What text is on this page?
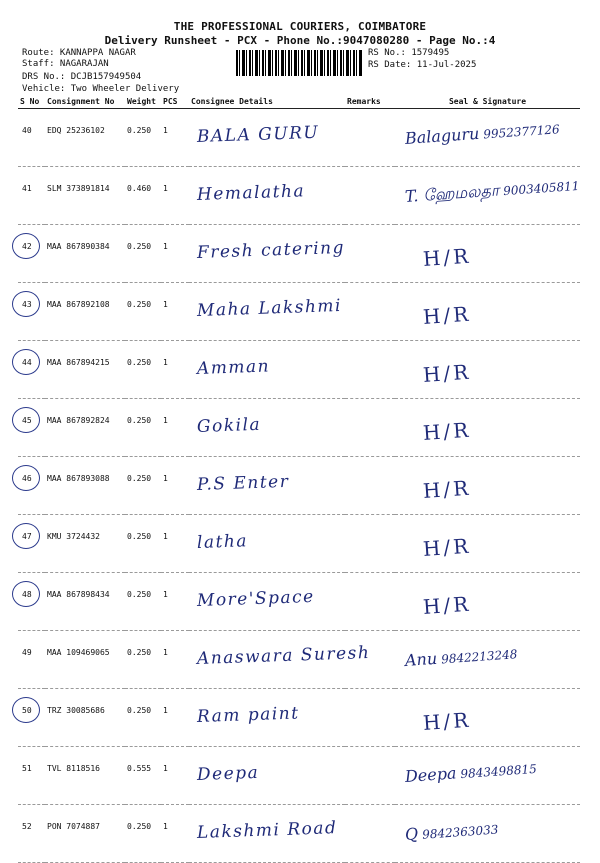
THE PROFESSIONAL COURIERS, COIMBATORE
Delivery Runsheet - PCX - Phone No.:9047080280 - Page No.:4
Route: KANNAPPA NAGAR
Staff: NAGARAJAN
DRS No.: DCJB157949504
Vehicle: Two Wheeler Delivery
RS No.: 1579495
RS Date: 11-Jul-2025
S No	Consignment No	Weight	PCS	Consignee Details	Remarks	Seal & Signature
40	EDQ 25236102	0.250	1	BALA GURU		Balaguru 9952377126

41	SLM 373891814	0.460	1	Hemalatha		T. ஹேமலதா 9003405811

42	MAA 867890384	0.250	1	Fresh catering		H/R

43	MAA 867892108	0.250	1	Maha Lakshmi		H/R

44	MAA 867894215	0.250	1	Amman		H/R

45	MAA 867892824	0.250	1	Gokila		H/R

46	MAA 867893088	0.250	1	P.S Enter		H/R

47	KMU 3724432	0.250	1	latha		H/R

48	MAA 867898434	0.250	1	More'Space		H/R

49	MAA 109469065	0.250	1	Anaswara Suresh		Anu 9842213248

50	TRZ 30085686	0.250	1	Ram paint		H/R

51	TVL 8118516	0.555	1	Deepa		Deepa 9843498815

52	PON 7074887	0.250	1	Lakshmi Road		Q 9842363033
